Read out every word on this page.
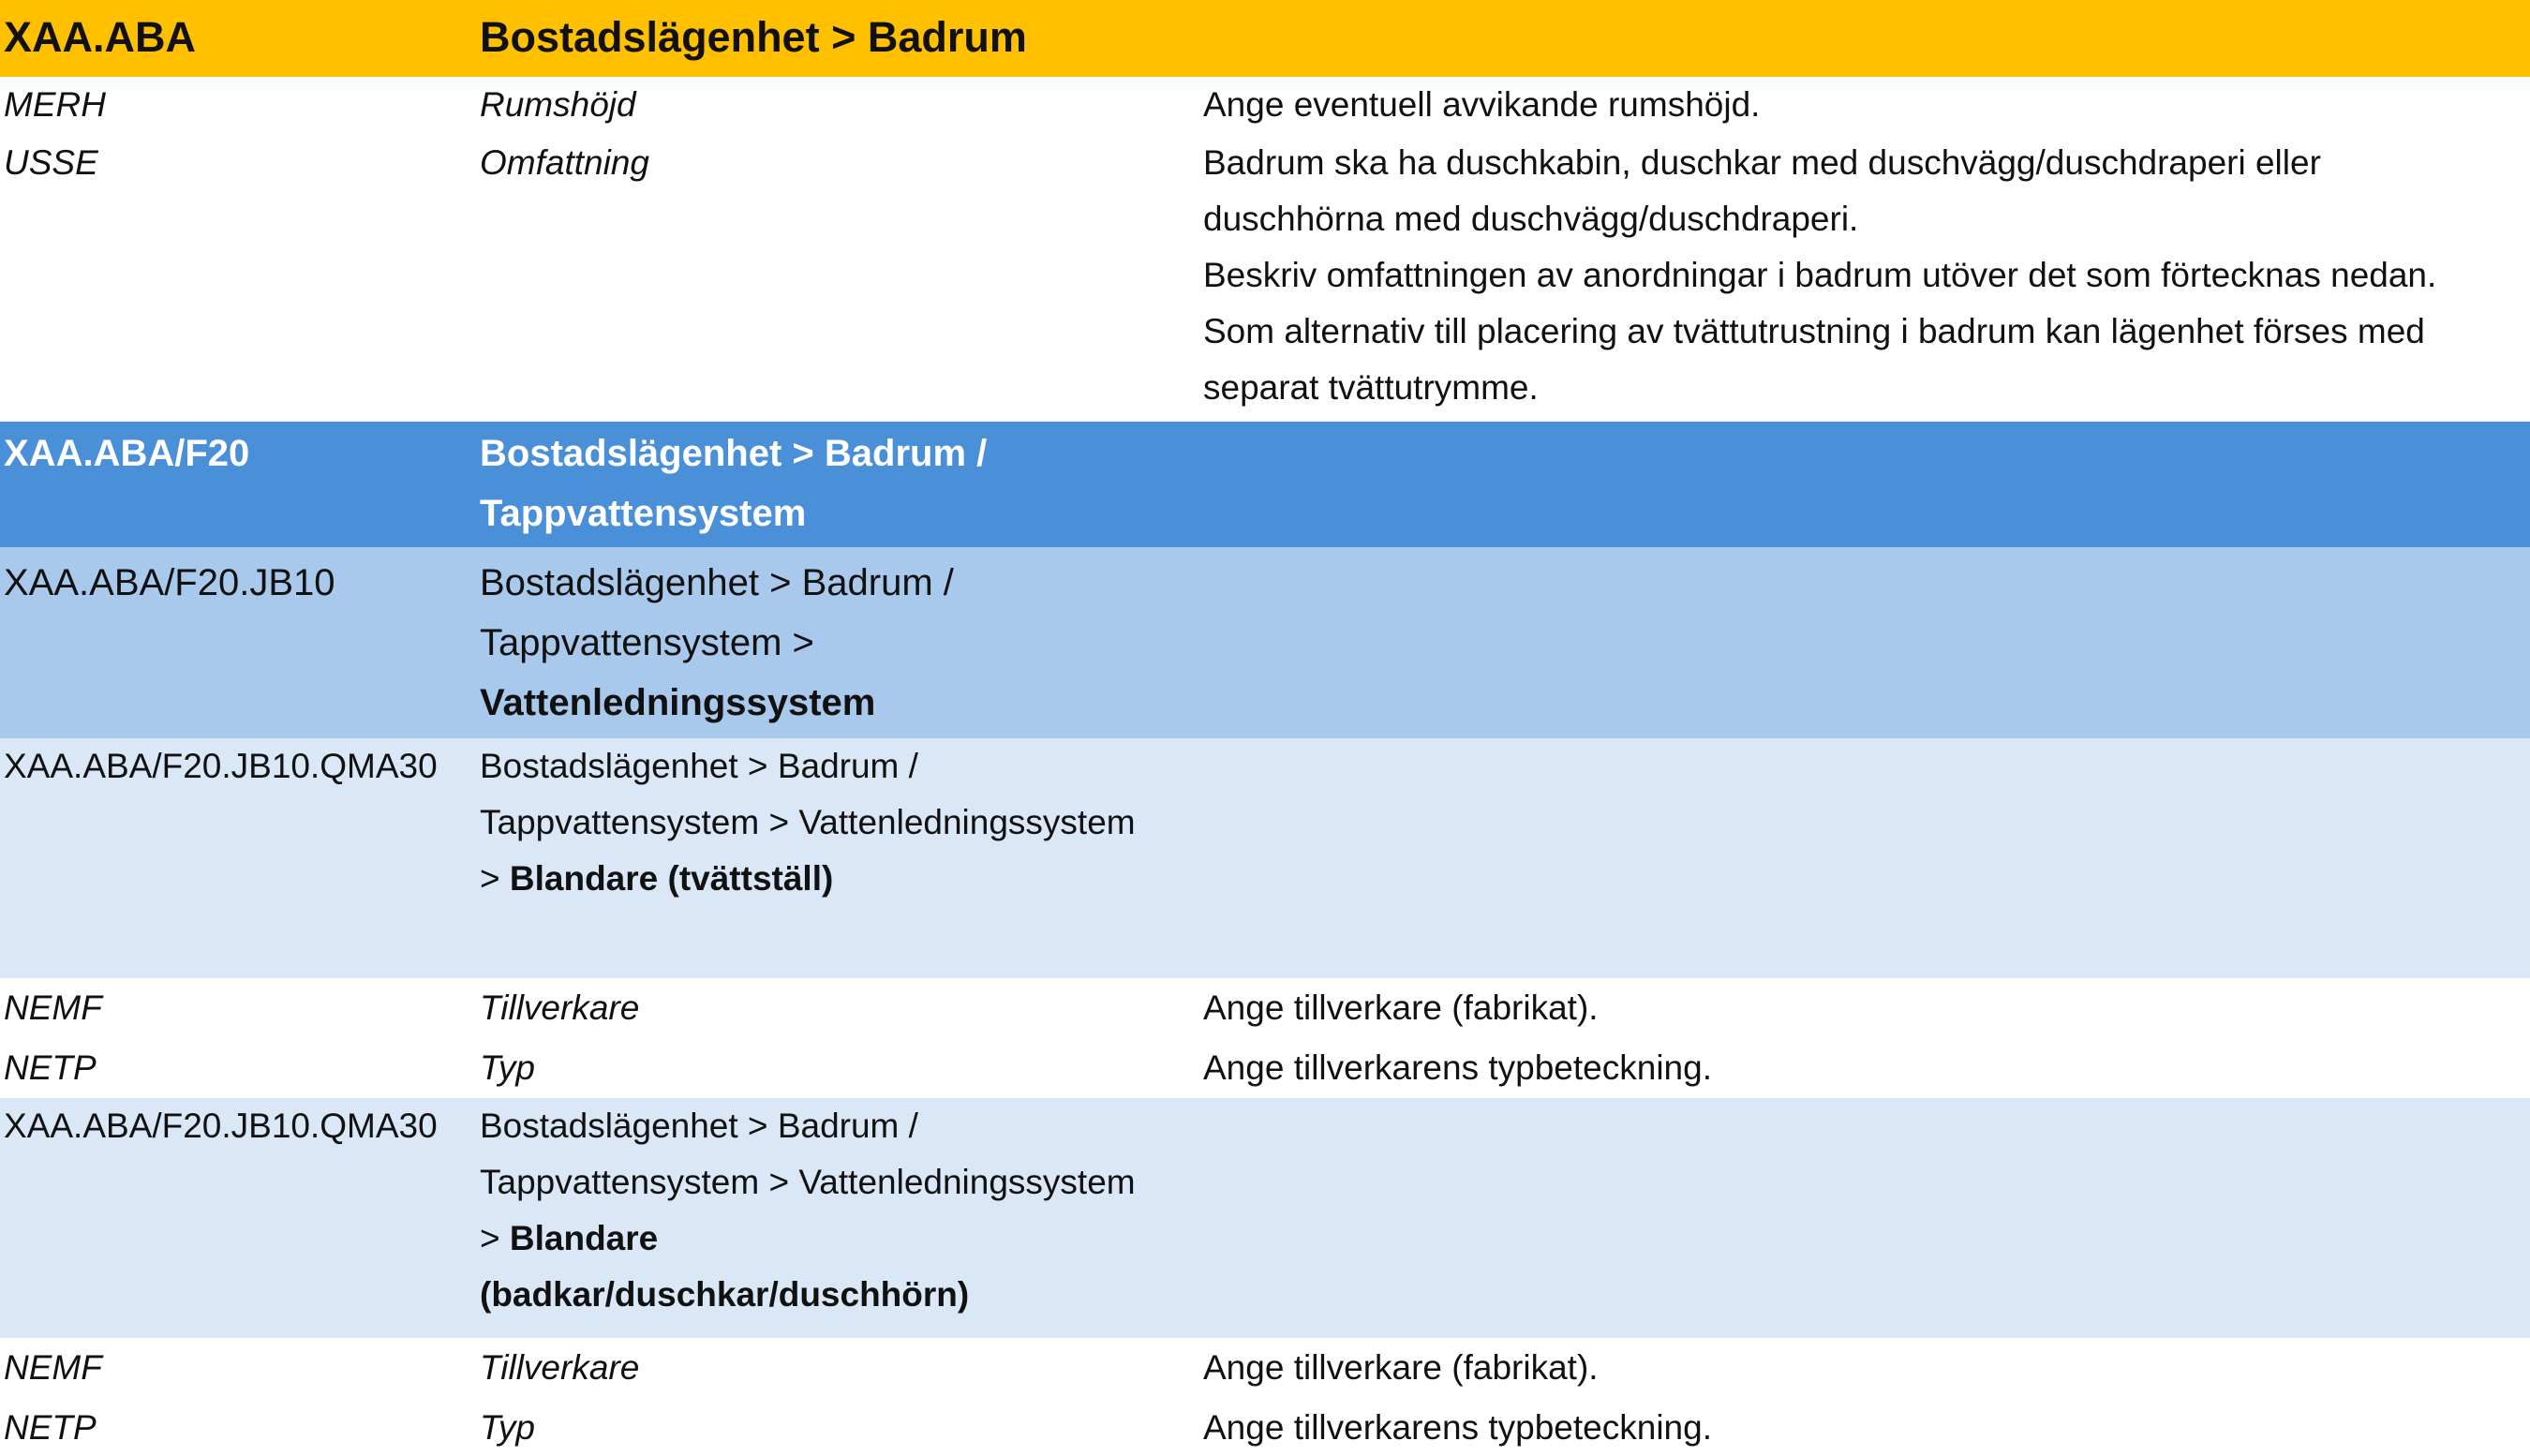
XAA.ABA	Bostadslägenhet > Badrum
MERH	Rumshöjd	Ange eventuell avvikande rumshöjd.
USSE	Omfattning	Badrum ska ha duschkabin, duschkar med duschvägg/duschdraperi eller
duschhörna med duschvägg/duschdraperi.
Beskriv omfattningen av anordningar i badrum utöver det som förtecknas nedan.
Som alternativ till placering av tvättutrustning i badrum kan lägenhet förses med
separat tvättutrymme.
XAA.ABA/F20	Bostadslägenhet > Badrum /
Tappvattensystem
XAA.ABA/F20.JB10	Bostadslägenhet > Badrum /
Tappvattensystem >
Vattenledningssystem
XAA.ABA/F20.JB10.QMA30 Bostadslägenhet > Badrum /
Tappvattensystem > Vattenledningssystem
> Blandare (tvättställ)
NEMF	Tillverkare	Ange tillverkare (fabrikat).
NETP	Typ	Ange tillverkarens typbeteckning.
XAA.ABA/F20.JB10.QMA30 Bostadslägenhet > Badrum /
Tappvattensystem > Vattenledningssystem
> Blandare
(badkar/duschkar/duschhörn)
NEMF	Tillverkare	Ange tillverkare (fabrikat).
NETP	Typ	Ange tillverkarens typbeteckning.
